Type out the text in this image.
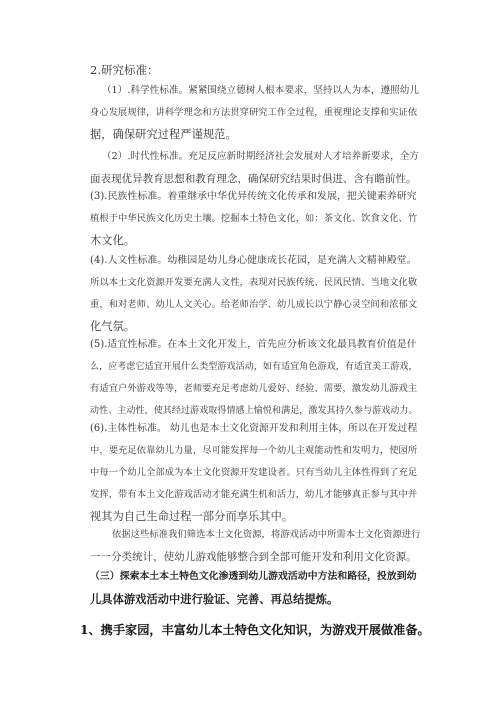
2.研究标准：

（1）.科学性标准。紧紧围绕立德树人根本要求，坚持以人为本，遵照幼儿
身心发展规律，讲科学理念和方法贯穿研究工作全过程，重视理论支撑和实证依
据，确保研究过程严谨规范。

（2）.时代性标准。充足反应新时期经济社会发展对人才培养新要求，全方
面表现优异教育思想和教育理念，确保研究结果时俱进、含有瞻前性。

(3).民族性标准。着重继承中华优异传统文化传承和发展，把关键素养研究
植根于中华民族文化历史土壤。挖掘本土特色文化，如：茶文化、饮食文化、竹
木文化。

(4).人文性标准。幼稚园是幼儿身心健康成长花园，是充满人文精神殿堂。
所以本土文化资源开发要充满人文性，表现对民族传统、民风民情、当地文化敬
重，和对老师、幼儿人文关心。给老师治学、幼儿成长以宁静心灵空间和浓郁文
化气氛。

(5).适宜性标准。在本土文化开发上，首先应分析该文化最具教育价值是什
么，应考虑它适宜开展什么类型游戏活动，如有适宜角色游戏，有适宜美工游戏，
有适宜户外游戏等等，老师要充足考虑幼儿爱好、经验、需要，激发幼儿游戏主
动性、主动性，使其经过游戏取得情感上愉悦和满足，激发其持久参与游戏动力。

(6).主体性标准。 幼儿也是本土文化资源开发和利用主体，所以在开发过程
中，要充足依靠幼儿力量，尽可能发挥每一个幼儿主观能动性和发明力，使园所
中每一个幼儿全部成为本土文化资源开发建设者。只有当幼儿主体性得到了充足
发挥，带有本土文化游戏活动才能充满生机和活力，幼儿才能够真正参与其中并
视其为自己生命过程一部分而享乐其中。

依据这些标准我们筛选本土文化资源，将游戏活动中所需本土文化资源进行
一一分类统计，使幼儿游戏能够整合到全部可能开发和利用文化资源。

（三）探索本土本土特色文化渗透到幼儿游戏活动中方法和路径，投放到幼
儿具体游戏活动中进行验证、完善、再总结提炼。

1、携手家园，丰富幼儿本土特色文化知识，为游戏开展做准备。
